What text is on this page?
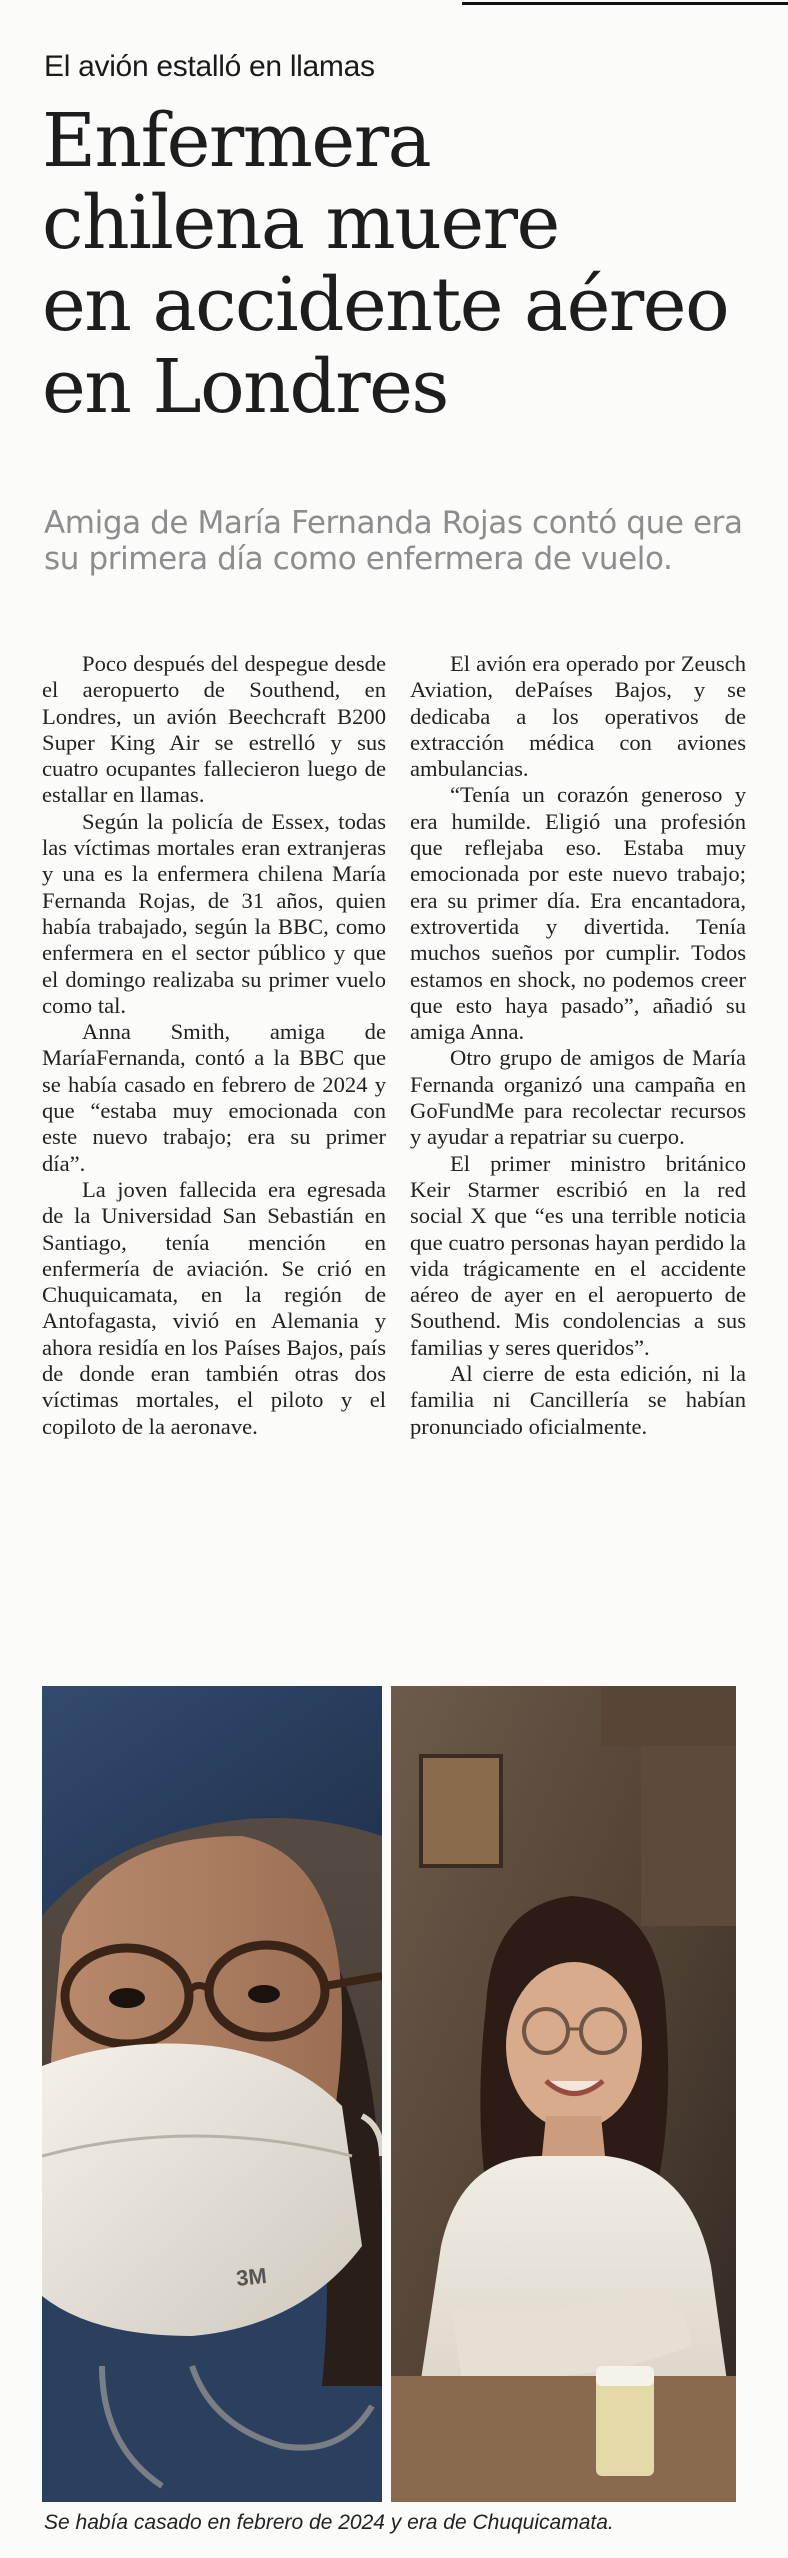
El avión estalló en llamas
Enfermera
chilena muere
en accidente aéreo
en Londres
Amiga de María Fernanda Rojas contó que era su primera día como enfermera de vuelo.

Poco después del despegue desde el aeropuerto de Southend, en Londres, un avión Beechcraft B200 Super King Air se estrelló y sus cuatro ocupantes fallecieron luego de estallar en llamas.

Según la policía de Essex, todas las víctimas mortales eran extranjeras y una es la enfermera chilena María Fernanda Rojas, de 31 años, quien había trabajado, según la BBC, como enfermera en el sector público y que el domingo realizaba su primer vuelo como tal.

Anna Smith, amiga de MaríaFernanda, contó a la BBC que se había casado en febrero de 2024 y que “estaba muy emocionada con este nuevo trabajo; era su primer día”.

La joven fallecida era egresada de la Universidad San Sebastián en Santiago, tenía mención en enfermería de aviación. Se crió en Chuquicamata, en la región de Antofagasta, vivió en Alemania y ahora residía en los Países Bajos, país de donde eran también otras dos víctimas mortales, el piloto y el copiloto de la aeronave.

El avión era operado por Zeusch Aviation, dePaíses Bajos, y se dedicaba a los operativos de extracción médica con aviones ambulancias.

“Tenía un corazón generoso y era humilde. Eligió una profesión que reflejaba eso. Estaba muy emocionada por este nuevo trabajo; era su primer día. Era encantadora, extrovertida y divertida. Tenía muchos sueños por cumplir. Todos estamos en shock, no podemos creer que esto haya pasado”, añadió su amiga Anna.

Otro grupo de amigos de María Fernanda organizó una campaña en GoFundMe para recolectar recursos y ayudar a repatriar su cuerpo.

El primer ministro británico Keir Starmer escribió en la red social X que “es una terrible noticia que cuatro personas hayan perdido la vida trágicamente en el accidente aéreo de ayer en el aeropuerto de Southend. Mis condolencias a sus familias y seres queridos”.

Al cierre de esta edición, ni la familia ni Cancillería se habían pronunciado oficialmente.

3M
Se había casado en febrero de 2024 y era de Chuquicamata.
